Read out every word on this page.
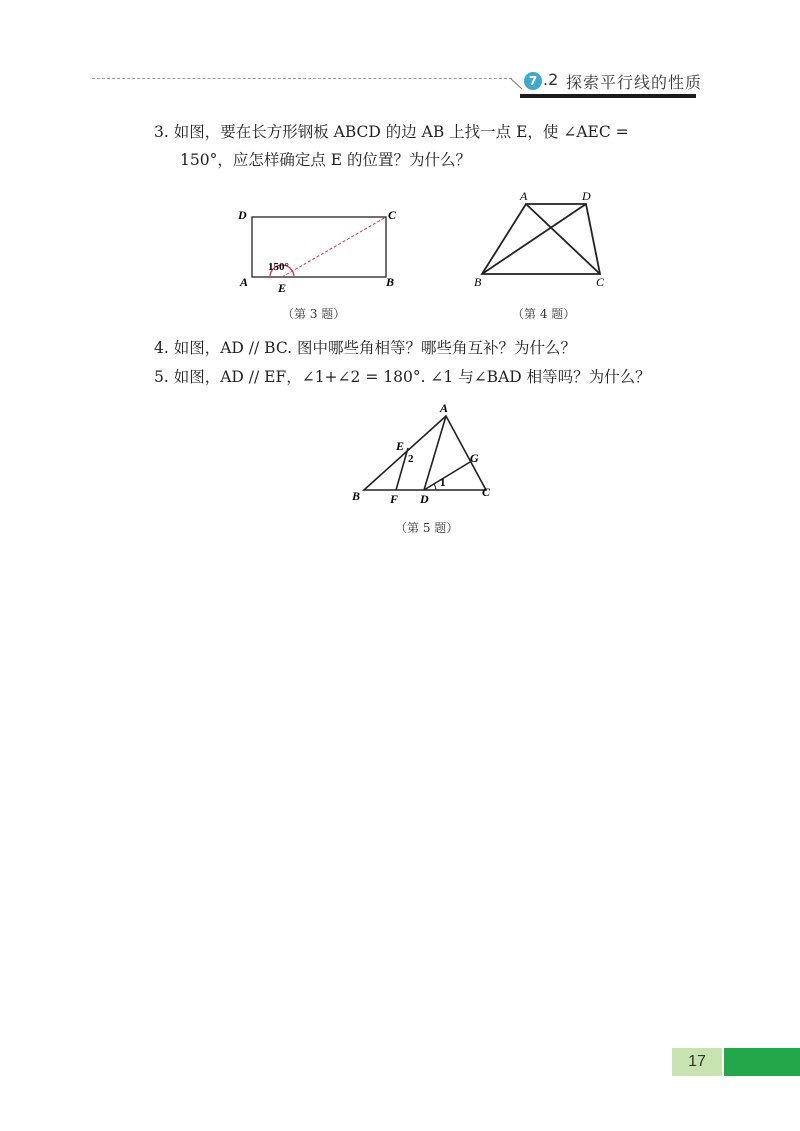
7 .2 探索平行线的性质
3. 如图，要在长方形钢板 ABCD 的边 AB 上找一点 E，使 ∠AEC =
150°，应怎样确定点 E 的位置？为什么？
D	C
A	B
E
150°
（第 3 题）
A	D
B	C
（第 4 题）
4. 如图，AD // BC. 图中哪些角相等？哪些角互补？为什么？
5. 如图，AD // EF，∠1+∠2 = 180°. ∠1 与∠BAD 相等吗？为什么？
A
B	C
D
E
F
G
1
2
（第 5 题）
17
